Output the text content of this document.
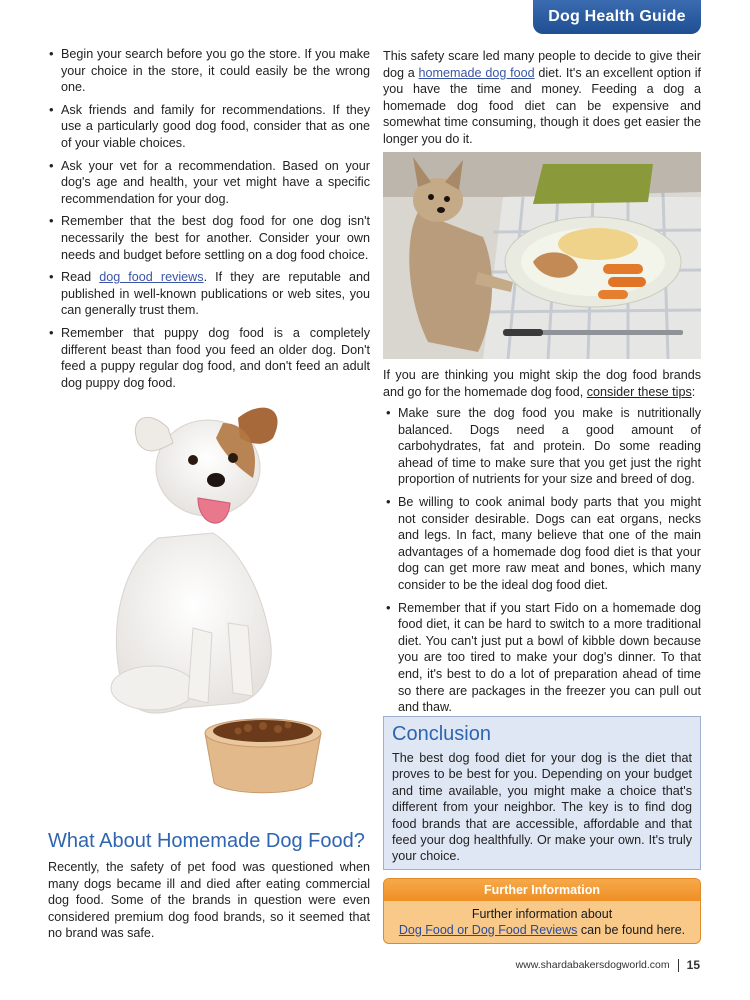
Dog Health Guide
• Begin your search before you go the store. If you make your choice in the store, it could easily be the wrong one.
• Ask friends and family for recommendations. If they use a particularly good dog food, consider that as one of your viable choices.
• Ask your vet for a recommendation. Based on your dog's age and health, your vet might have a specific recommendation for your dog.
• Remember that the best dog food for one dog isn't necessarily the best for another. Consider your own needs and budget before settling on a dog food choice.
• Read dog food reviews. If they are reputable and published in well-known publications or web sites, you can generally trust them.
• Remember that puppy dog food is a completely different beast than food you feed an older dog. Don't feed a puppy regular dog food, and don't feed an adult dog puppy dog food.
What About Homemade Dog Food?

Recently, the safety of pet food was questioned when many dogs became ill and died after eating commercial dog food. Some of the brands in question were even considered premium dog food brands, so it seemed that no brand was safe.

This safety scare led many people to decide to give their dog a homemade dog food diet. It's an excellent option if you have the time and money. Feeding a dog a homemade dog food diet can be expensive and somewhat time consuming, though it does get easier the longer you do it.

If you are thinking you might skip the dog food brands and go for the homemade dog food, consider these tips:

• Make sure the dog food you make is nutritionally balanced. Dogs need a good amount of carbohydrates, fat and protein. Do some reading ahead of time to make sure that you get just the right proportion of nutrients for your size and breed of dog.
• Be willing to cook animal body parts that you might not consider desirable. Dogs can eat organs, necks and legs. In fact, many believe that one of the main advantages of a homemade dog food diet is that your dog can get more raw meat and bones, which many consider to be the ideal dog food diet.
• Remember that if you start Fido on a homemade dog food diet, it can be hard to switch to a more traditional diet. You can't just put a bowl of kibble down because you are too tired to make your dog's dinner. To that end, it's best to do a lot of preparation ahead of time so there are packages in the freezer you can pull out and thaw.
Conclusion

The best dog food diet for your dog is the diet that proves to be best for you. Depending on your budget and time available, you might make a choice that's different from your neighbor. The key is to find dog food brands that are accessible, affordable and that feed your dog healthfully. Or make your own. It's truly your choice.

Further Information
Further information about
Dog Food or Dog Food Reviews can be found here.
www.shardabakersdogworld.com 15
